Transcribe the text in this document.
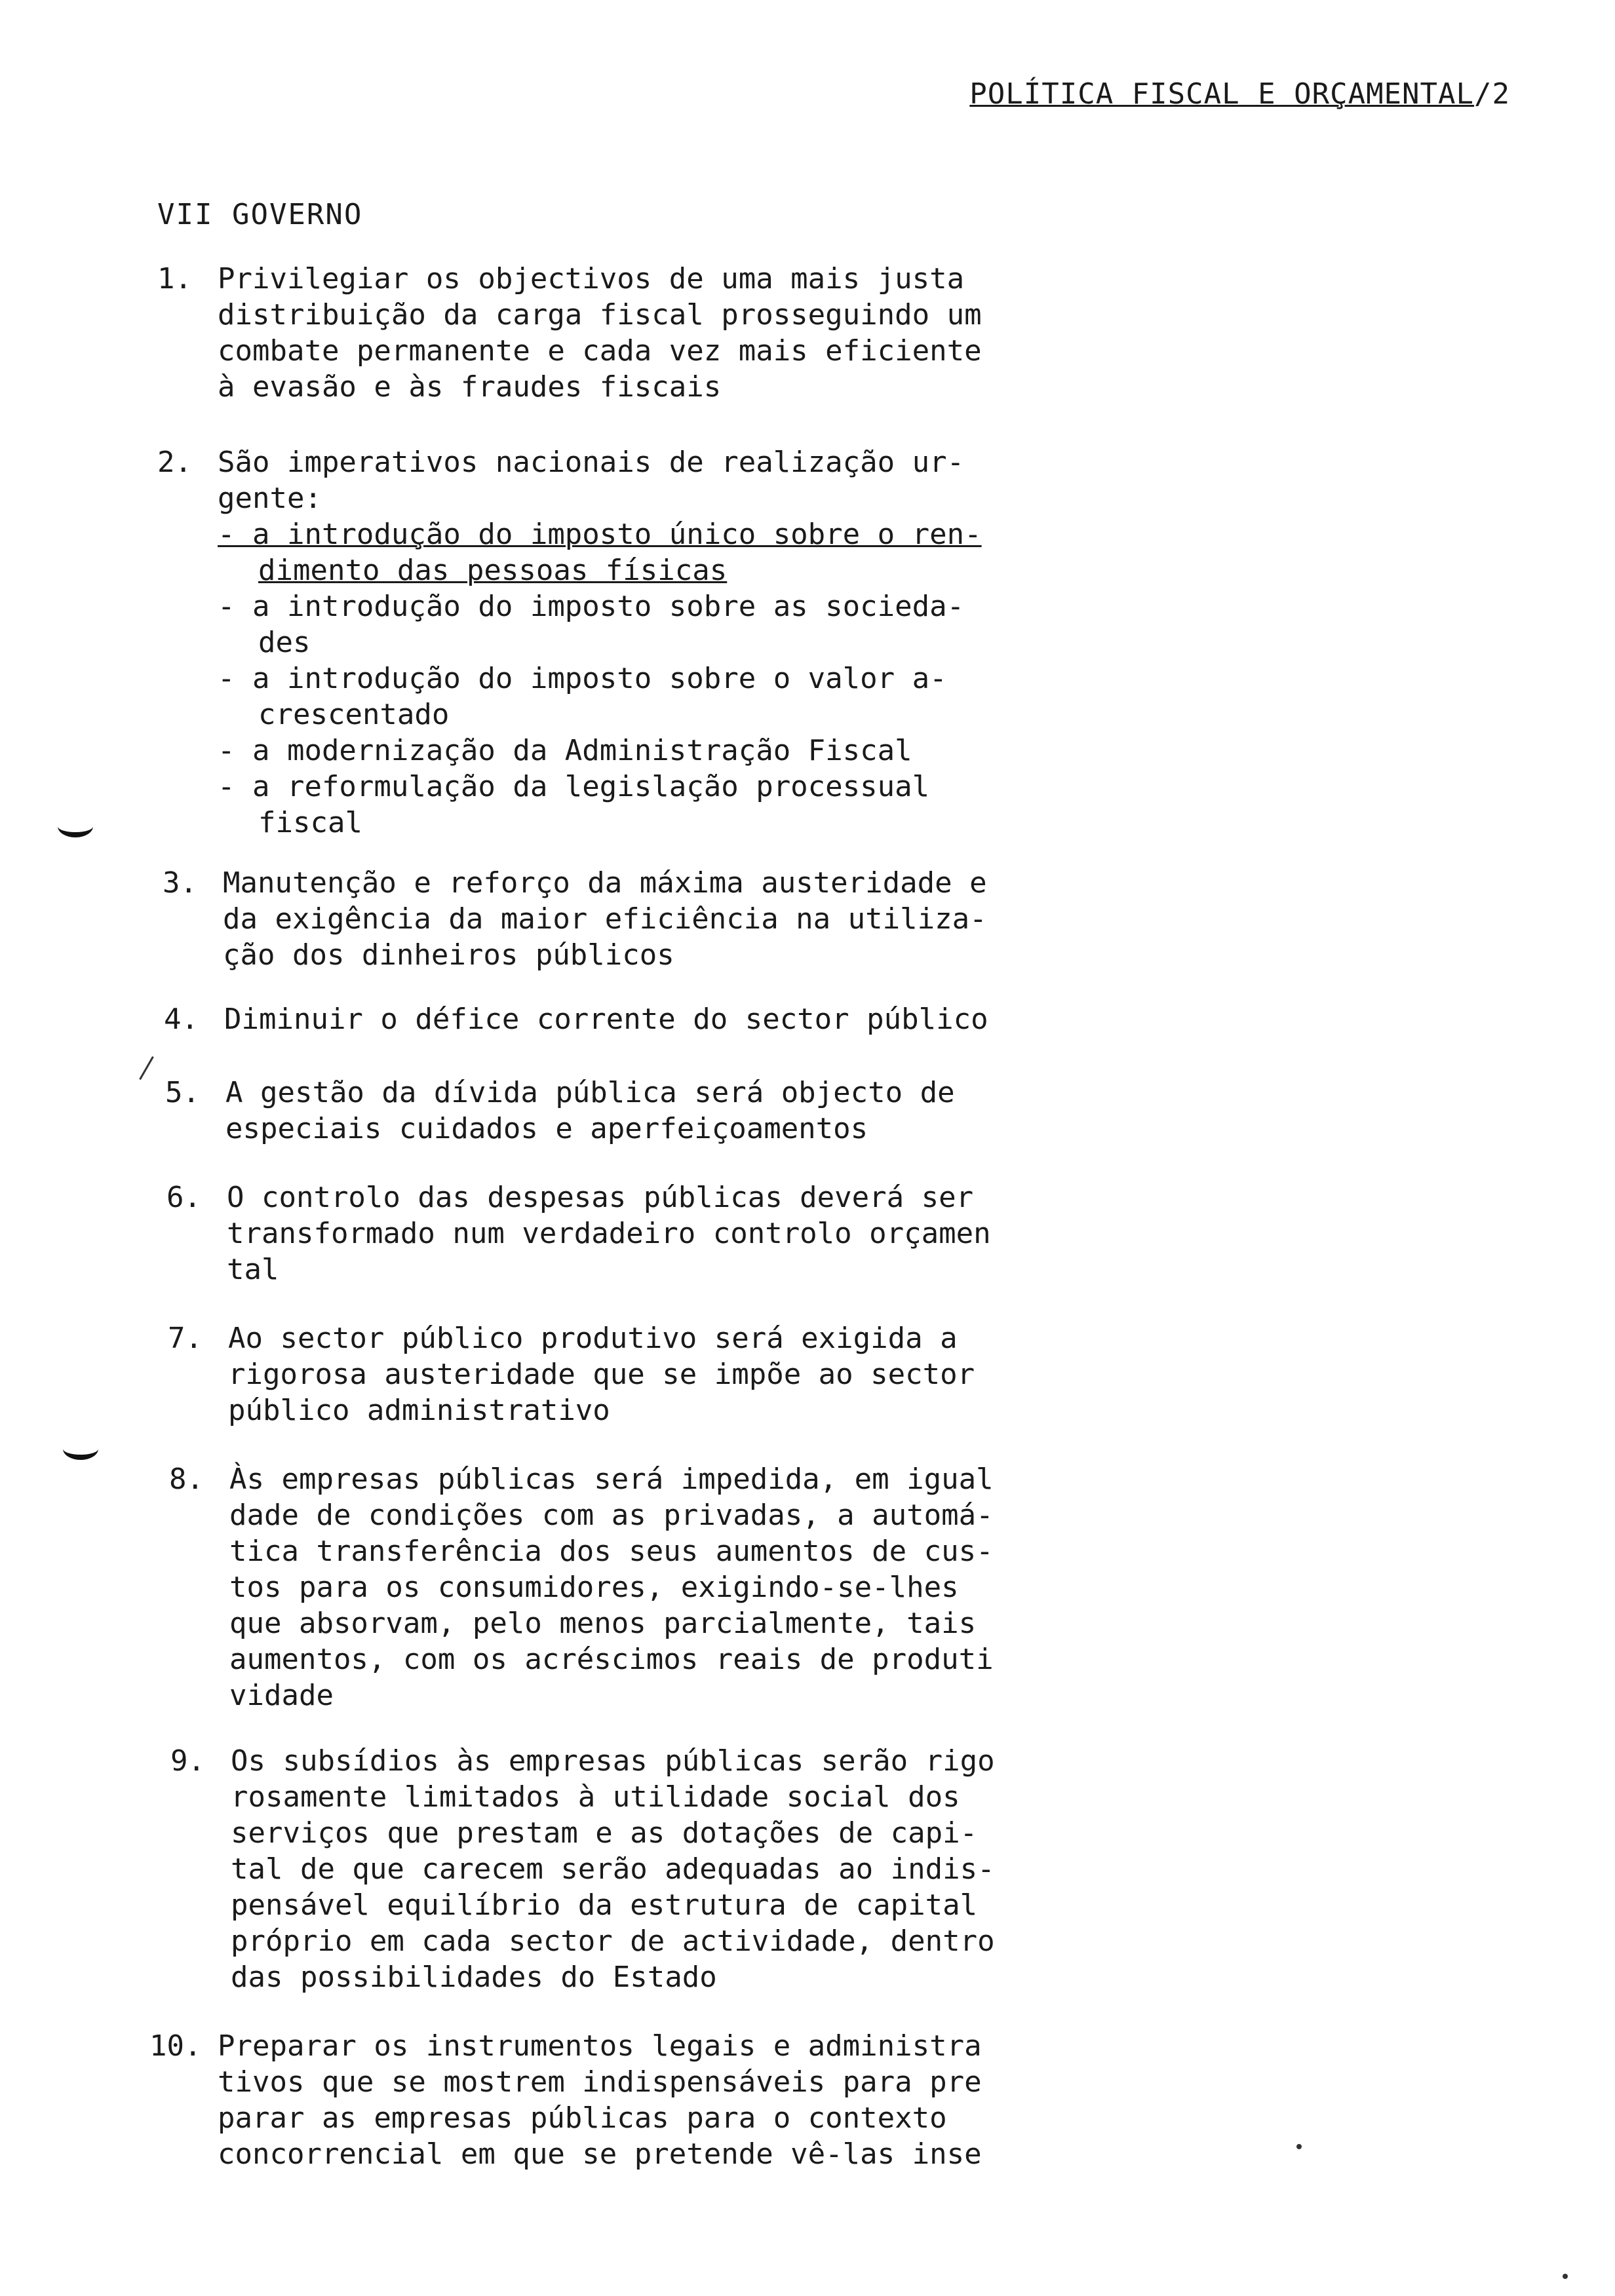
POLÍTICA FISCAL E ORÇAMENTAL/2
VII GOVERNO
1. Privilegiar os objectivos de uma mais justa
distribuição da carga fiscal prosseguindo um
combate permanente e cada vez mais eficiente
à evasão e às fraudes fiscais
2. São imperativos nacionais de realização ur-
gente:
- a introdução do imposto único sobre o ren-
dimento das pessoas físicas
- a introdução do imposto sobre as socieda-
des
- a introdução do imposto sobre o valor a-
crescentado
- a modernização da Administração Fiscal
- a reformulação da legislação processual
fiscal
3. Manutenção e reforço da máxima austeridade e
da exigência da maior eficiência na utiliza-
ção dos dinheiros públicos
4. Diminuir o défice corrente do sector público
5. A gestão da dívida pública será objecto de
especiais cuidados e aperfeiçoamentos
6. O controlo das despesas públicas deverá ser
transformado num verdadeiro controlo orçamen
tal
7. Ao sector público produtivo será exigida a
rigorosa austeridade que se impõe ao sector
público administrativo
8. Às empresas públicas será impedida, em igual
dade de condições com as privadas, a automá-
tica transferência dos seus aumentos de cus-
tos para os consumidores, exigindo-se-lhes
que absorvam, pelo menos parcialmente, tais
aumentos, com os acréscimos reais de produti
vidade
9. Os subsídios às empresas públicas serão rigo
rosamente limitados à utilidade social dos
serviços que prestam e as dotações de capi-
tal de que carecem serão adequadas ao indis-
pensável equilíbrio da estrutura de capital
próprio em cada sector de actividade, dentro
das possibilidades do Estado
10. Preparar os instrumentos legais e administra
tivos que se mostrem indispensáveis para pre
parar as empresas públicas para o contexto
concorrencial em que se pretende vê-las inse
